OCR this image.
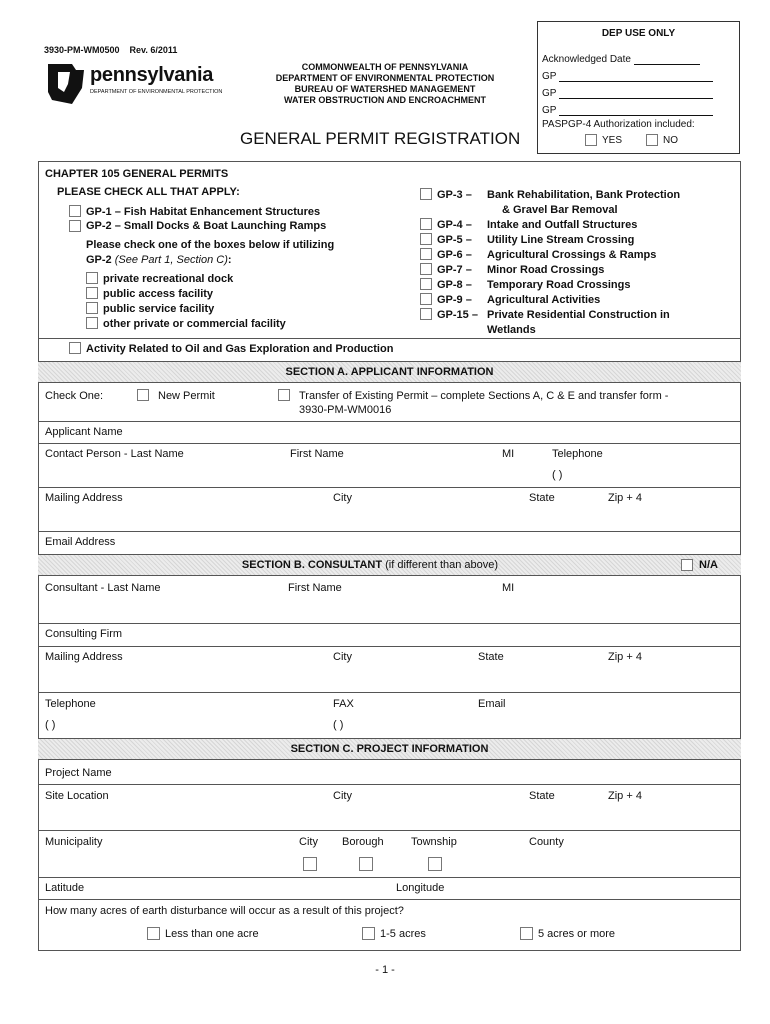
3930-PM-WM0500 Rev. 6/2011
pennsylvania
DEPARTMENT OF ENVIRONMENTAL PROTECTION
COMMONWEALTH OF PENNSYLVANIA
DEPARTMENT OF ENVIRONMENTAL PROTECTION
BUREAU OF WATERSHED MANAGEMENT
WATER OBSTRUCTION AND ENCROACHMENT
GENERAL PERMIT REGISTRATION
DEP USE ONLY
Acknowledged Date
GP
GP
GP
PASPGP-4 Authorization included:
YES	NO
CHAPTER 105 GENERAL PERMITS
PLEASE CHECK ALL THAT APPLY:
GP-1 – Fish Habitat Enhancement Structures
GP-2 – Small Docks & Boat Launching Ramps
Please check one of the boxes below if utilizing
GP-2 (See Part 1, Section C):
private recreational dock
public access facility
public service facility
other private or commercial facility
GP-3 – Bank Rehabilitation, Bank Protection
& Gravel Bar Removal
GP-4 – Intake and Outfall Structures
GP-5 – Utility Line Stream Crossing
GP-6 – Agricultural Crossings & Ramps
GP-7 – Minor Road Crossings
GP-8 – Temporary Road Crossings
GP-9 – Agricultural Activities
GP-15 – Private Residential Construction in
Wetlands
Activity Related to Oil and Gas Exploration and Production
SECTION A. APPLICANT INFORMATION
Check One:	New Permit	Transfer of Existing Permit – complete Sections A, C & E and transfer form -
3930-PM-WM0016
Applicant Name
Contact Person - Last Name	First Name	MI	Telephone
( )
Mailing Address	City	State	Zip + 4
Email Address
SECTION B. CONSULTANT (if different than above)	N/A
Consultant - Last Name	First Name	MI
Consulting Firm
Mailing Address	City	State	Zip + 4
Telephone	FAX	Email
( )	( )
SECTION C. PROJECT INFORMATION
Project Name
Site Location	City	State	Zip + 4
Municipality	City Borough Township	County
Latitude	Longitude
How many acres of earth disturbance will occur as a result of this project?
Less than one acre	1-5 acres	5 acres or more
- 1 -
